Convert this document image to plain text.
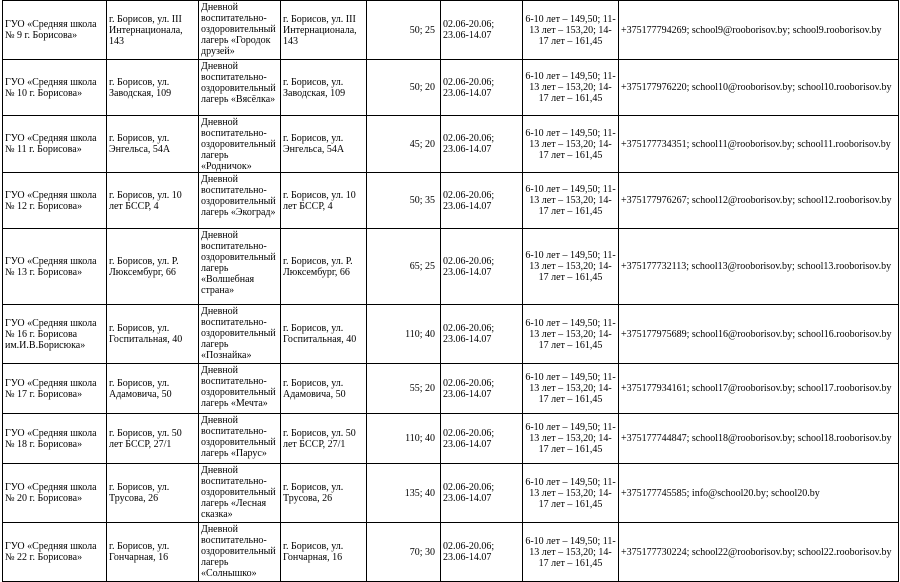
ГУО «Средняя школа № 9 г. Борисова»	г. Борисов, ул. III Интернационала, 143	Дневной воспитательно-оздоровительный лагерь «Городок друзей»	г. Борисов, ул. III Интернационала, 143	50; 25	02.06-20.06; 23.06-14.07	6-10 лет – 149,50; 11-13 лет – 153,20; 14-17 лет – 161,45	+375177794269; school9@rooborisov.by; school9.rooborisov.by
ГУО «Средняя школа № 10 г. Борисова»	г. Борисов, ул. Заводская, 109	Дневной воспитательно-оздоровительный лагерь «Вясёлка»	г. Борисов, ул. Заводская, 109	50; 20	02.06-20.06; 23.06-14.07	6-10 лет – 149,50; 11-13 лет – 153,20; 14-17 лет – 161,45	+375177976220; school10@rooborisov.by; school10.rooborisov.by
ГУО «Средняя школа № 11 г. Борисова»	г. Борисов, ул. Энгельса, 54А	Дневной воспитательно-оздоровительный лагерь «Родничок»	г. Борисов, ул. Энгельса, 54А	45; 20	02.06-20.06; 23.06-14.07	6-10 лет – 149,50; 11-13 лет – 153,20; 14-17 лет – 161,45	+375177734351; school11@rooborisov.by; school11.rooborisov.by
ГУО «Средняя школа № 12 г. Борисова»	г. Борисов, ул. 10 лет БССР, 4	Дневной воспитательно-оздоровительный лагерь «Экоград»	г. Борисов, ул. 10 лет БССР, 4	50; 35	02.06-20.06; 23.06-14.07	6-10 лет – 149,50; 11-13 лет – 153,20; 14-17 лет – 161,45	+375177976267; school12@rooborisov.by; school12.rooborisov.by
ГУО «Средняя школа № 13 г. Борисова»	г. Борисов, ул. Р. Люксембург, 66	Дневной воспитательно-оздоровительный лагерь «Волшебная страна»	г. Борисов, ул. Р. Люксембург, 66	65; 25	02.06-20.06; 23.06-14.07	6-10 лет – 149,50; 11-13 лет – 153,20; 14-17 лет – 161,45	+375177732113; school13@rooborisov.by; school13.rooborisov.by
ГУО «Средняя школа № 16 г. Борисова им.И.В.Борисюка»	г. Борисов, ул. Госпитальная, 40	Дневной воспитательно-оздоровительныйлагерь «Познайка»	г. Борисов, ул. Госпитальная, 40	110; 40	02.06-20.06; 23.06-14.07	6-10 лет – 149,50; 11-13 лет – 153,20; 14-17 лет – 161,45	+375177975689; school16@rooborisov.by; school16.rooborisov.by
ГУО «Средняя школа № 17 г. Борисова»	г. Борисов, ул. Адамовича, 50	Дневной воспитательно-оздоровительный лагерь «Мечта»	г. Борисов, ул. Адамовича, 50	55; 20	02.06-20.06; 23.06-14.07	6-10 лет – 149,50; 11-13 лет – 153,20; 14-17 лет – 161,45	+375177934161; school17@rooborisov.by; school17.rooborisov.by
ГУО «Средняя школа № 18 г. Борисова»	г. Борисов, ул. 50 лет БССР, 27/1	Дневной воспитательно-оздоровительный лагерь «Парус»	г. Борисов, ул. 50 лет БССР, 27/1	110; 40	02.06-20.06; 23.06-14.07	6-10 лет – 149,50; 11-13 лет – 153,20; 14-17 лет – 161,45	+375177744847; school18@rooborisov.by; school18.rooborisov.by
ГУО «Средняя школа № 20 г. Борисова»	г. Борисов, ул. Трусова, 26	Дневной воспитательно-оздоровительный лагерь «Лесная сказка»	г. Борисов, ул. Трусова, 26	135; 40	02.06-20.06; 23.06-14.07	6-10 лет – 149,50; 11-13 лет – 153,20; 14-17 лет – 161,45	+375177745585; info@school20.by; school20.by
ГУО «Средняя школа № 22 г. Борисова»	г. Борисов, ул. Гончарная, 16	Дневной воспитательно-оздоровительный лагерь «Солнышко»	г. Борисов, ул. Гончарная, 16	70; 30	02.06-20.06; 23.06-14.07	6-10 лет – 149,50; 11-13 лет – 153,20; 14-17 лет – 161,45	+375177730224; school22@rooborisov.by; school22.rooborisov.by
